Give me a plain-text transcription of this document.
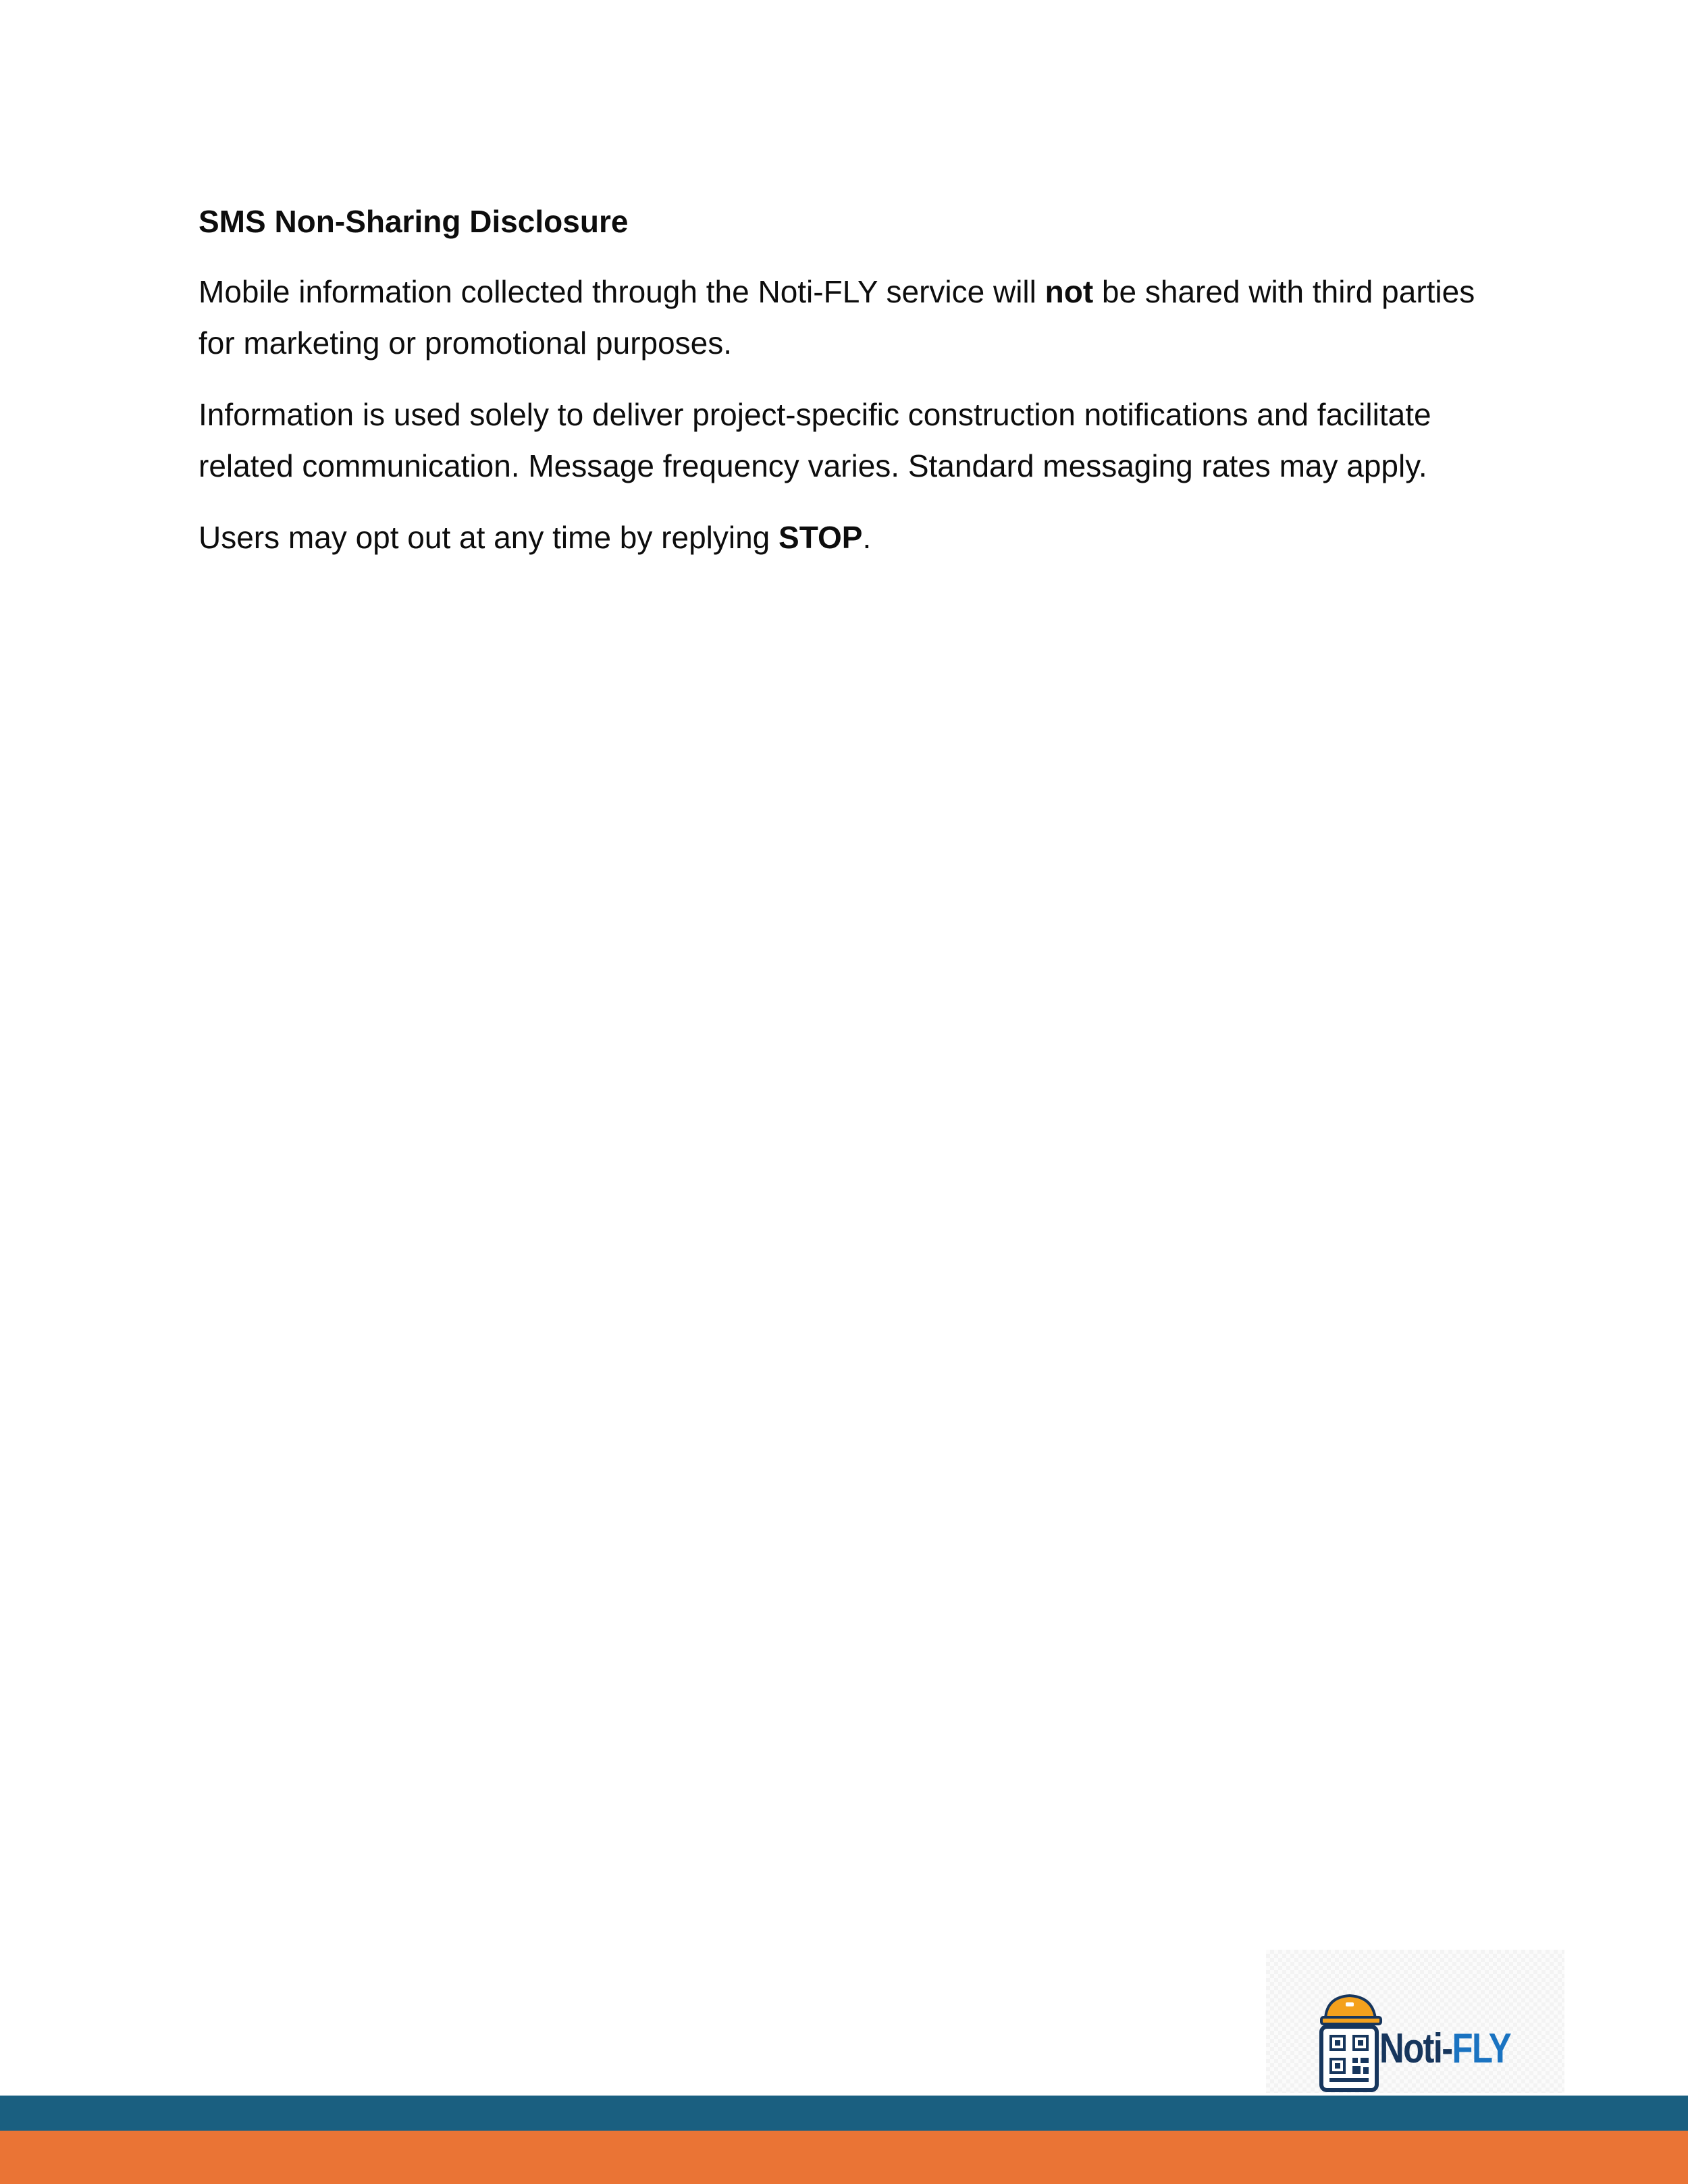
SMS Non-Sharing Disclosure

Mobile information collected through the Noti-FLY service will not be shared with third parties for marketing or promotional purposes.

Information is used solely to deliver project-specific construction notifications and facilitate related communication. Message frequency varies. Standard messaging rates may apply.

Users may opt out at any time by replying STOP.

Noti-FLY
